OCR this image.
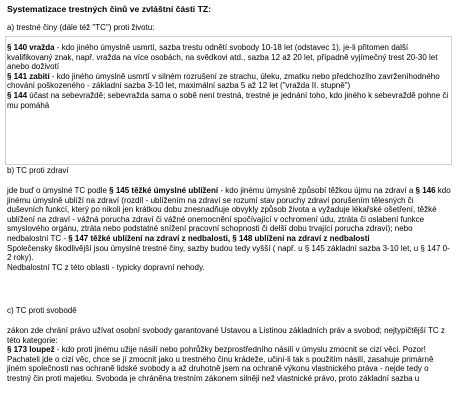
Systematizace trestných činů ve zvláštní části TZ:
a) trestné činy (dále též "TC") proti životu:

§ 140 vražda - kdo jiného úmyslně usmrtí, sazba trestu odnětí svobody 10-18 let (odstavec 1), je-li přitomen další kvalifikovaný znak, např. vražda na více osobách, na svědkovi atd., sazba 12 až 20 let, případně vyjímečný trest 20-30 let anebo doživotí

§ 141 zabití - kdo jiného úmyslně usmrtí v silném rozrušení ze strachu, úleku, zmatku nebo předchozího zavrženíhodného chování poškozeného - základní sazba 3-10 let, maximální sazba 5 až 12 let ("vražda II. stupně")

§ 144 účast na sebevraždě; sebevražda sama o sobě není trestná, trestné je jednání toho, kdo jiného k sebevraždě pohne či mu pomáhá

b) TC proti zdraví

jde buď o úmyslné TC podle § 145 těžké úmyslné ublížení - kdo jinému úmyslně způsobí těžkou újmu na zdraví a § 146 kdo jinému úmyslně ublíží na zdraví (rozdíl - ublížením na zdraví se rozumí stav poruchy zdraví porušením tělesných či duševních funkcí, který po nikoli jen krátkou dobu znesnadňuje obvykly způsob života a vyžaduje lékařské ošetření, těžké ublížení na zdraví - vážná porucha zdraví či vážné onemocnění spočívající v ochromení údu, ztráta či oslabení funkce smyslového orgánu, ztráta nebo podstatné snížení pracovní schopnosti či delší dobu trvající porucha zdraví); nebo nedbalostní TC - § 147 těžké ublížení na zdraví z nedbalosti, § 148 ublížení na zdraví z nedbalosti

Společensky škodlivější jsou úmyslné trestné činy, sazby budou tedy vyšší ( např. u § 145 základní sazba 3-10 let, u § 147 0-2 roky).

Nedbalostní TC z této oblasti - typicky dopravní nehody.

c) TC proti svobodě

zákon zde chrání právo užívat osobní svobody garantované Ustavou a Listinou základních práv a svobod; nejtypičtější TC z této kategorie:

§ 173 loupež - kdo proti jinému užije násilí nebo pohrůžky bezprostředního násilí v úmyslu zmocnit se cizí věci. Pozor! Pachateli jde o cizí věc, chce se jí zmocnit jako u trestného činu krádeže, učiní-li tak s použitím násilí, zasahuje primárně jiném společnosti nas ochraně lidské svobody a až druhotně jsem na ochraně výkonu vlastnického práva - nejde tedy o trestný čin proti majetku. Svoboda je chráněna trestním zákonem silněji než vlastnické právo, proto základní sazba u
